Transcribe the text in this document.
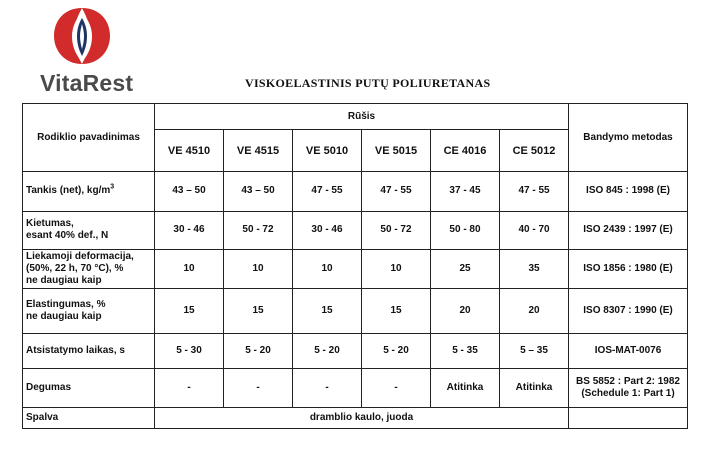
VitaRest	VISKOELASTINIS PUTŲ POLIURETANAS
Rodiklio pavadinimas	Rūšis						Bandymo metodas
	VE 4510	VE 4515	VE 5010	VE 5015	CE 4016	CE 5012	
Tankis (net), $kg/m^3$	43 – 50	43 – 50	47 - 55	47 - 55	37 - 45	47 - 55	ISO 845 : 1998 (E)
Kietumas,
esant 40% def., N	30 - 46	50 - 72	30 - 46	50 - 72	50 - 80	40 - 70	ISO 2439 : 1997 (E)
Liekamoji deformacija,
(50%, 22 h, 70 °C), %
ne daugiau kaip	10	10	10	10	25	35	ISO 1856 : 1980 (E)
Elastingumas, %
ne daugiau kaip	15	15	15	15	20	20	ISO 8307 : 1990 (E)
Atsistatymo laikas, s	5 - 30	5 - 20	5 - 20	5 - 20	5 - 35	5 – 35	IOS-MAT-0076
Degumas	-	-	-	-	Atitinka	Atitinka	BS 5852 : Part 2: 1982
(Schedule 1: Part 1)
Spalva	dramblio kaulo, juoda						
